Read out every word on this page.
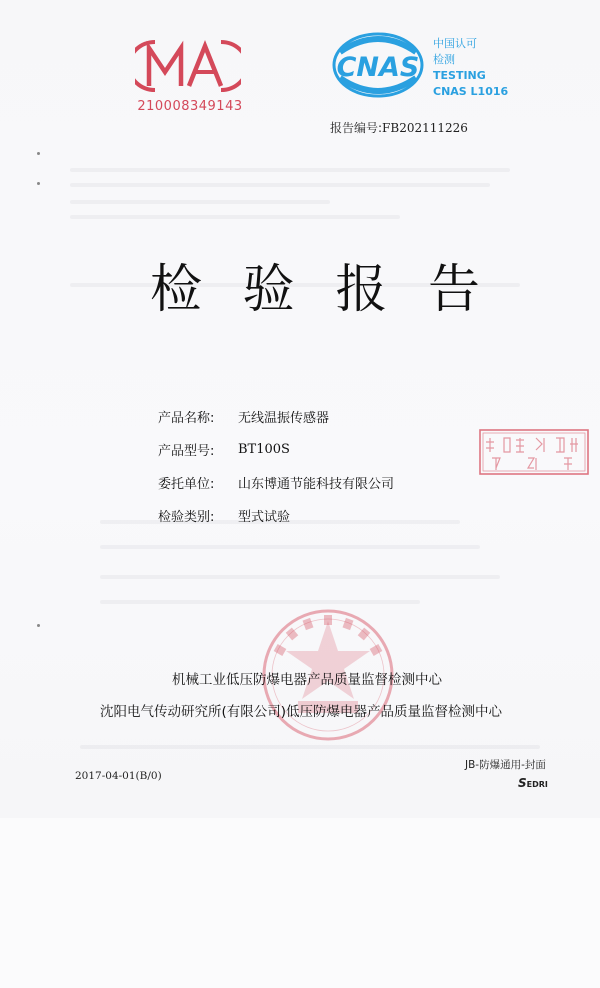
210008349143
CNAS
中国认可
检测
TESTING
CNAS L1016
报告编号:FB202111226
检 验 报 告
产品名称:	无线温振传感器
产品型号:	BT100S
委托单位:	山东博通节能科技有限公司
检验类别:	型式试验
机械工业低压防爆电器产品质量监督检测中心
沈阳电气传动研究所(有限公司)低压防爆电器产品质量监督检测中心
JB-防爆通用-封面
2017-04-01(B/0)	SEDRI
